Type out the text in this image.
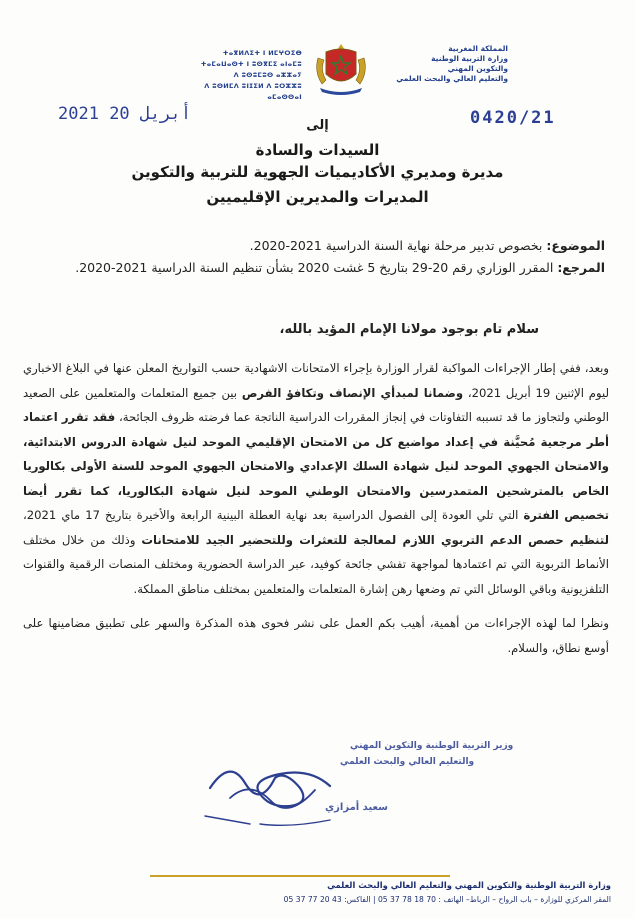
ⵜⴰⴳⵍⴷⵉⵜ ⵏ ⵍⵎⵖⵔⵉⴱ
ⵜⴰⵎⴰⵡⴰⵙⵜ ⵏ ⵓⵙⴳⵎⵉ ⴰⵏⴰⵎⵓ
ⴷ ⵓⵙⵓⵎⵓⵙ ⴰⵣⵣⴰⵢ
ⴷ ⵓⵙⵍⵎⴷ ⵓⵏⵊⵉⵍ ⴷ ⵓⵔⵣⵣⵓ ⴰⵎⴰⵙⵙⴰⵏ
المملكة المغربية
وزارة التربية الوطنية
والتكوين المهني
والتعليم العالي والبحث العلمي
2021 أبريل 20	0420/21
إلى
السيدات والسادة
مديرة ومديري الأكاديميات الجهوية للتربية والتكوين
المديرات والمديرين الإقليميين
الموضوع: بخصوص تدبير مرحلة نهاية السنة الدراسية 2021-2020.
المرجع: المقرر الوزاري رقم 20-29 بتاريخ 5 غشت 2020 بشأن تنظيم السنة الدراسية 2021-2020.
سلام تام بوجود مولانا الإمام المؤيد بالله،

وبعد، ففي إطار الإجراءات المواكبة لقرار الوزارة بإجراء الامتحانات الاشهادية حسب التواريخ المعلن عنها في البلاغ الاخباري ليوم الإثنين 19 أبريل 2021، وضمانا لمبدأي الإنصاف وتكافؤ الفرص بين جميع المتعلمات والمتعلمين على الصعيد الوطني ولتجاوز ما قد تسببه التفاوتات في إنجاز المقررات الدراسية الناتجة عما فرضته ظروف الجائحة، فقد تقرر اعتماد أطر مرجعية مُحيَّنة في إعداد مواضيع كل من الامتحان الإقليمي الموحد لنيل شهادة الدروس الابتدائية، والامتحان الجهوي الموحد لنيل شهادة السلك الإعدادي والامتحان الجهوي الموحد للسنة الأولى بكالوريا الخاص بالمترشحين المتمدرسين والامتحان الوطني الموحد لنيل شهادة البكالوريا، كما تقرر أيضا تخصيص الفترة التي تلي العودة إلى الفصول الدراسية بعد نهاية العطلة البينية الرابعة والأخيرة بتاريخ 17 ماي 2021، لتنظيم حصص الدعم التربوي اللازم لمعالجة للتعثرات وللتحضير الجيد للامتحانات وذلك من خلال مختلف الأنماط التربوية التي تم اعتمادها لمواجهة تفشي جائحة كوفيد، عبر الدراسة الحضورية ومختلف المنصات الرقمية والقنوات التلفزيونية وباقي الوسائل التي تم وضعها رهن إشارة المتعلمات والمتعلمين بمختلف مناطق المملكة.

ونظرا لما لهذه الإجراءات من أهمية، أهيب بكم العمل على نشر فحوى هذه المذكرة والسهر على تطبيق مضامينها على أوسع نطاق، والسلام.

وزير التربية الوطنية والتكوين المهني
والتعليم العالي والبحث العلمي
سعيد أمزازي
وزارة التربية الوطنية والتكوين المهني والتعليم العالي والبحث العلمي
المقر المركزي للوزارة – باب الرواح – الرباط– الهاتف : 70 18 78 37 05 | الفاكس: 43 20 77 37 05
